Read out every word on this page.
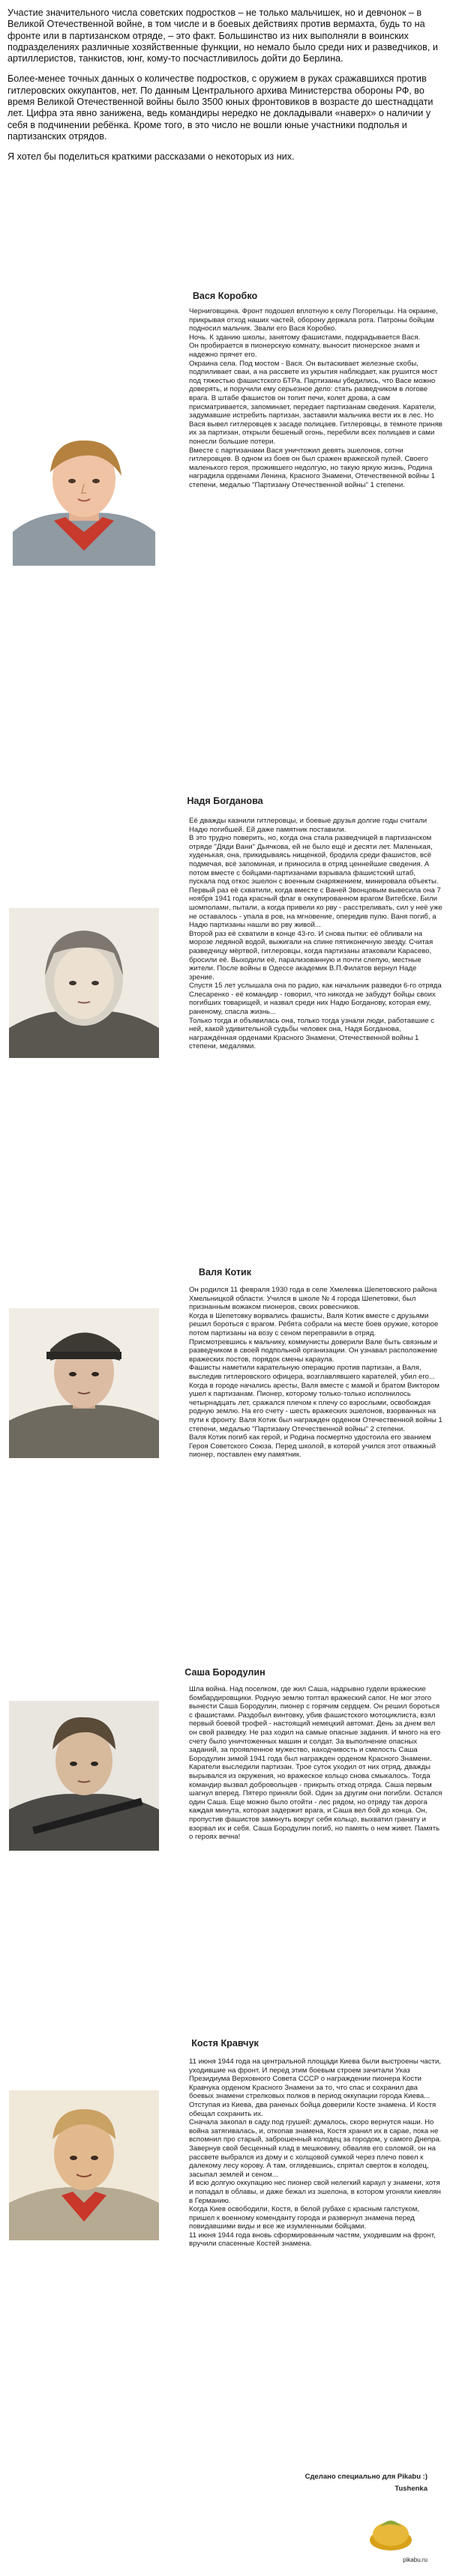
Участие значительного числа советских подростков – не только мальчишек, но и девчонок – в Великой Отечественной войне, в том числе и в боевых действиях против вермахта, будь то на фронте или в партизанском отряде, – это факт. Большинство из них выполняли в воинских подразделениях различные хозяйственные функции, но немало было среди них и разведчиков, и артиллеристов, танкистов, юнг, кому-то посчастливилось дойти до Берлина.

Более-менее точных данных о количестве подростков, с оружием в руках сражавшихся против гитлеровских оккупантов, нет. По данным Центрального архива Министерства обороны РФ, во время Великой Отечественной войны было 3500 юных фронтовиков в возрасте до шестнадцати лет. Цифра эта явно занижена, ведь командиры нередко не докладывали «наверх» о наличии у себя в подчинении ребёнка. Кроме того, в это число не вошли юные участники подполья и партизанских отрядов.

Я хотел бы поделиться краткими рассказами о некоторых из них.

Вася Коробко

Черниговщина. Фронт подошел вплотную к селу Погорельцы. На окраине, прикрывая отход наших частей, оборону держала рота. Патроны бойцам подносил мальчик. Звали его Вася Коробко.

Ночь. К зданию школы, занятому фашистами, подкрадывается Вася.

Он пробирается в пионерскую комнату, выносит пионерское знамя и надежно прячет его.

Окраина села. Под мостом - Вася. Он вытаскивает железные скобы, подпиливает сваи, а на рассвете из укрытия наблюдает, как рушится мост под тяжестью фашистского БТРа. Партизаны убедились, что Васе можно доверять, и поручили ему серьезное дело: стать разведчиком в логове врага. В штабе фашистов он топит печи, колет дрова, а сам присматривается, запоминает, передает партизанам сведения. Каратели, задумавшие истребить партизан, заставили мальчика вести их в лес. Но Вася вывел гитлеровцев к засаде полицаев. Гитлеровцы, в темноте приняв их за партизан, открыли бешеный огонь, перебили всех полицаев и сами понесли большие потери.

Вместе с партизанами Вася уничтожил девять эшелонов, сотни гитлеровцев. В одном из боев он был сражен вражеской пулей. Своего маленького героя, прожившего недолгую, но такую яркую жизнь, Родина наградила орденами Ленина, Красного Знамени, Отечественной войны 1 степени, медалью "Партизану Отечественной войны" 1 степени.

Надя Богданова

Её дважды казнили гитлеровцы, и боевые друзья долгие годы считали Надю погибшей. Ей даже памятник поставили.

В это трудно поверить, но, когда она стала разведчицей в партизанском отряде "Дяди Вани" Дьячкова, ей не было ещё и десяти лет. Маленькая, худенькая, она, прикидываясь нищенкой, бродила среди фашистов, всё подмечая, всё запоминая, и приносила в отряд ценнейшие сведения. А потом вместе с бойцами-партизанами взрывала фашистский штаб, пускала под откос эшелон с военным снаряжением, минировала объекты.

Первый раз её схватили, когда вместе с Ваней Звонцовым вывесила она 7 ноября 1941 года красный флаг в оккупированном врагом Витебске. Били шомполами, пытали, а когда привели ко рву - расстреливать, сил у неё уже не оставалось - упала в ров, на мгновение, опередив пулю. Ваня погиб, а Надю партизаны нашли во рву живой...

Второй раз её схватили в конце 43-го. И снова пытки: её обливали на морозе ледяной водой, выжигали на спине пятиконечную звезду. Считая разведчицу мёртвой, гитлеровцы, когда партизаны атаковали Карасево, бросили её. Выходили её, парализованную и почти слепую, местные жители. После войны в Одессе академик В.П.Филатов вернул Наде зрение.

Спустя 15 лет услышала она по радио, как начальник разведки 6-го отряда Слесаренко - её командир - говорил, что никогда не забудут бойцы своих погибших товарищей, и назвал среди них Надю Богданову, которая ему, раненому, спасла жизнь...

Только тогда и объявилась она, только тогда узнали люди, работавшие с ней, какой удивительной судьбы человек она, Надя Богданова, награждённая орденами Красного Знамени, Отечественной войны 1 степени, медалями.

Валя Котик

Он родился 11 февраля 1930 года в селе Хмелевка Шепетовского района Хмельницкой области. Учился в школе № 4 города Шепетовки, был признанным вожаком пионеров, своих ровесников.

Когда в Шепетовку ворвались фашисты, Валя Котик вместе с друзьями решил бороться с врагом. Ребята собрали на месте боев оружие, которое потом партизаны на возу с сеном переправили в отряд.

Присмотревшись к мальчику, коммунисты доверили Вале быть связным и разведчиком в своей подпольной организации. Он узнавал расположение вражеских постов, порядок смены караула.

Фашисты наметили карательную операцию против партизан, а Валя, выследив гитлеровского офицера, возглавлявшего карателей, убил его...

Когда в городе начались аресты, Валя вместе с мамой и братом Виктором ушел к партизанам. Пионер, которому только-только исполнилось четырнадцать лет, сражался плечом к плечу со взрослыми, освобождая родную землю. На его счету - шесть вражеских эшелонов, взорванных на пути к фронту. Валя Котик был награжден орденом Отечественной войны 1 степени, медалью "Партизану Отечественной войны" 2 степени.

Валя Котик погиб как герой, и Родина посмертно удостоила его званием Героя Советского Союза. Перед школой, в которой учился этот отважный пионер, поставлен ему памятник.

Саша Бородулин

Шла война. Над поселком, где жил Саша, надрывно гудели вражеские бомбардировщики. Родную землю топтал вражеский сапог. Не мог этого вынести Саша Бородулин, пионер с горячим сердцем. Он решил бороться с фашистами. Раздобыл винтовку, убив фашистского мотоциклиста, взял первый боевой трофей - настоящий немецкий автомат. День за днем вел он свой разведку. Не раз ходил на самые опасные задания. И много на его счету было уничтоженных машин и солдат. За выполнение опасных заданий, за проявленное мужество, находчивость и смелость Саша Бородулин зимой 1941 года был награжден орденом Красного Знамени.

Каратели выследили партизан. Трое суток уходил от них отряд, дважды вырывался из окружения, но вражеское кольцо снова смыкалось. Тогда командир вызвал добровольцев - прикрыть отход отряда. Саша первым шагнул вперед. Пятеро приняли бой. Один за другим они погибли. Остался один Саша. Еще можно было отойти - лес рядом, но отряду так дорога каждая минута, которая задержит врага, и Саша вел бой до конца. Он, пропустив фашистов замкнуть вокруг себя кольцо, выхватил гранату и взорвал их и себя. Саша Бородулин погиб, но память о нем живет. Память о героях вечна!

Костя Кравчук

11 июня 1944 года на центральной площади Киева были выстроены части, уходившие на фронт. И перед этим боевым строем зачитали Указ Президиума Верховного Совета СССР о награждении пионера Кости Кравчука орденом Красного Знамени за то, что спас и сохранил два боевых знамени стрелковых полков в период оккупации города Киева...

Отступая из Киева, два раненых бойца доверили Косте знамена. И Костя обещал сохранить их.

Сначала закопал в саду под грушей: думалось, скоро вернутся наши. Но война затягивалась, и, откопав знамена, Костя хранил их в сарае, пока не вспомнил про старый, заброшенный колодец за городом, у самого Днепра. Завернув свой бесценный клад в мешковину, обваляв его соломой, он на рассвете выбрался из дому и с холщовой сумкой через плечо повел к далекому лесу корову. А там, оглядевшись, спрятал сверток в колодец, засыпал землей и сеном...

И всю долгую оккупацию нес пионер свой нелегкий караул у знамени, хотя и попадал в облавы, и даже бежал из эшелона, в котором угоняли киевлян в Германию.

Когда Киев освободили, Костя, в белой рубахе с красным галстуком, пришел к военному коменданту города и развернул знамена перед повидавшими виды и все же изумленными бойцами.

11 июня 1944 года вновь сформированным частям, уходившим на фронт, вручили спасенные Костей знамена.

Сделано специально для Pikabu :)
Tushenka
pikabu.ru
